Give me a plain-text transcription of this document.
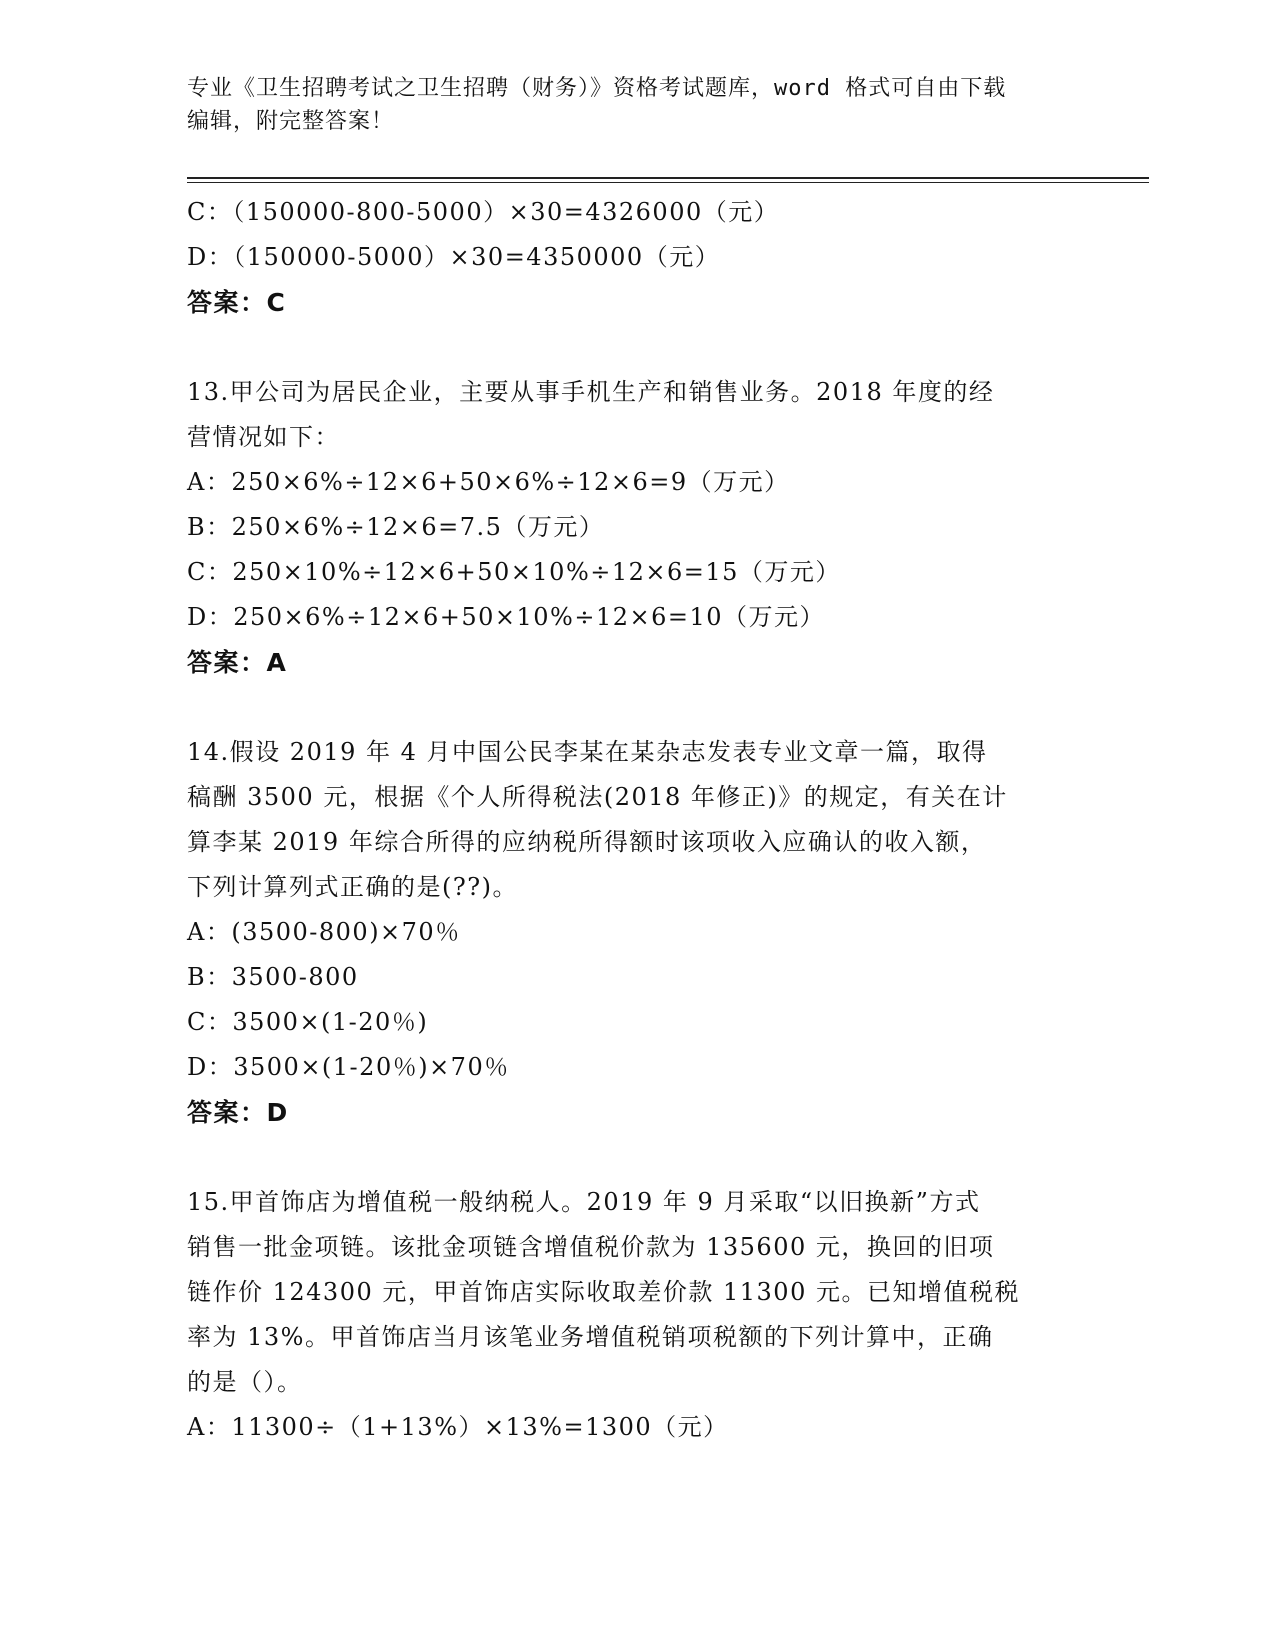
专业《卫生招聘考试之卫生招聘（财务）》资格考试题库，word 格式可自由下载
编辑，附完整答案！

C：（150000-800-5000）×30=4326000（元）

D：（150000-5000）×30=4350000（元）

答案：C

13.甲公司为居民企业，主要从事手机生产和销售业务。2018 年度的经

营情况如下：

A：250×6%÷12×6+50×6%÷12×6=9（万元）

B：250×6%÷12×6=7.5（万元）

C：250×10%÷12×6+50×10%÷12×6=15（万元）

D：250×6%÷12×6+50×10%÷12×6=10（万元）

答案：A

14.假设 2019 年 4 月中国公民李某在某杂志发表专业文章一篇，取得

稿酬 3500 元，根据《个人所得税法(2018 年修正)》的规定，有关在计

算李某 2019 年综合所得的应纳税所得额时该项收入应确认的收入额，

下列计算列式正确的是(??)。

A：(3500-800)×70％

B：3500-800

C：3500×(1-20％)

D：3500×(1-20％)×70％

答案：D

15.甲首饰店为增值税一般纳税人。2019 年 9 月采取“以旧换新”方式

销售一批金项链。该批金项链含增值税价款为 135600 元，换回的旧项

链作价 124300 元，甲首饰店实际收取差价款 11300 元。已知增值税税

率为 13%。甲首饰店当月该笔业务增值税销项税额的下列计算中，正确

的是（）。

A：11300÷（1+13%）×13%=1300（元）
